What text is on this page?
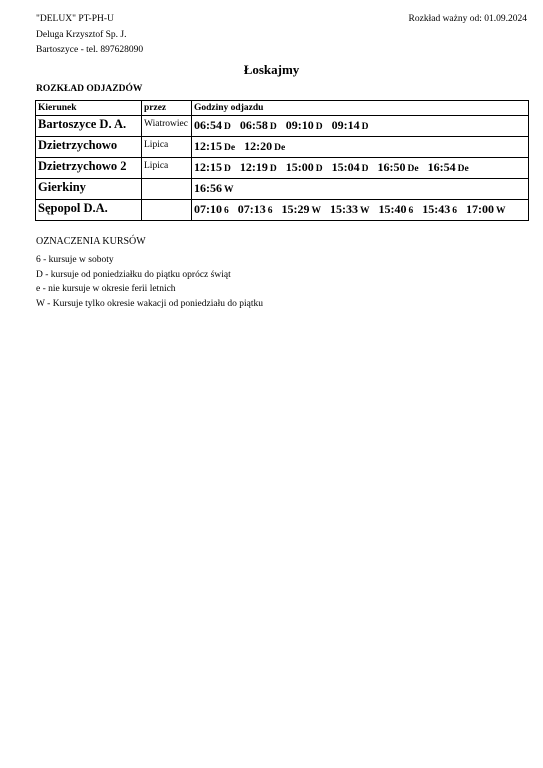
"DELUX" PT-PH-U
Deluga Krzysztof Sp. J.
Bartoszyce - tel. 897628090
Rozkład ważny od: 01.09.2024
Łoskajmy
ROZKŁAD ODJAZDÓW
Kierunek	przez	Godziny odjazdu
Bartoszyce D. A.	Wiatrowiec	06:54 D 06:58 D 09:10 D 09:14 D
Dzietrzychowo	Lipica	12:15 De 12:20 De
Dzietrzychowo 2	Lipica	12:15 D 12:19 D 15:00 D 15:04 D 16:50 De 16:54 De
Gierkiny		16:56 W
Sępopol D.A.		07:10 6 07:13 6 15:29 W 15:33 W 15:40 6 15:43 6 17:00 W
OZNACZENIA KURSÓW
6 - kursuje w soboty
D - kursuje od poniedziałku do piątku oprócz świąt
e - nie kursuje w okresie ferii letnich
W - Kursuje tylko okresie wakacji od poniedziału do piątku
